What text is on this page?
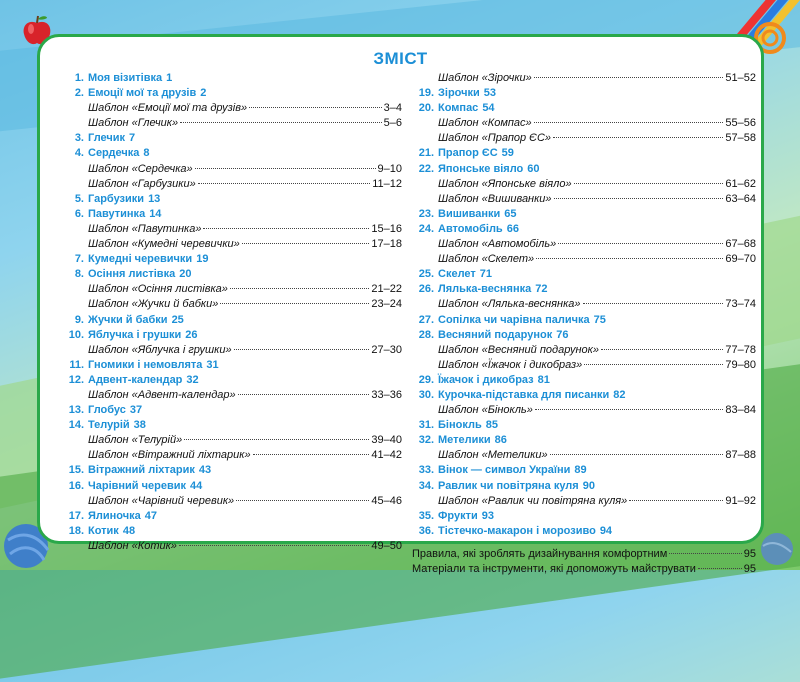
ЗМІСТ
1. Моя візитівка 1
2. Емоції мої та друзів 2
Шаблон «Емоції мої та друзів»	3–4
Шаблон «Глечик»	5–6
3. Глечик 7
4. Сердечка 8
Шаблон «Сердечка»	9–10
Шаблон «Гарбузики»	11–12
5. Гарбузики 13
6. Павутинка 14
Шаблон «Павутинка»	15–16
Шаблон «Кумедні черевички»	17–18
7. Кумедні черевички 19
8. Осіння листівка 20
Шаблон «Осіння листівка»	21–22
Шаблон «Жучки й бабки»	23–24
9. Жучки й бабки 25
10. Яблучка і грушки 26
Шаблон «Яблучка і грушки»	27–30
11. Гномики і немовлята 31
12. Адвент-календар 32
Шаблон «Адвент-календар»	33–36
13. Глобус 37
14. Телурій 38
Шаблон «Телурій»	39–40
Шаблон «Вітражний ліхтарик»	41–42
15. Вітражний ліхтарик 43
16. Чарівний черевик 44
Шаблон «Чарівний черевик»	45–46
17. Ялиночка 47
18. Котик 48
Шаблон «Котик»	49–50
Шаблон «Зірочки»	51–52
19. Зірочки 53
20. Компас 54
Шаблон «Компас»	55–56
Шаблон «Прапор ЄС»	57–58
21. Прапор ЄС 59
22. Японське віяло 60
Шаблон «Японське віяло»	61–62
Шаблон «Вишиванки»	63–64
23. Вишиванки 65
24. Автомобіль 66
Шаблон «Автомобіль»	67–68
Шаблон «Скелет»	69–70
25. Скелет 71
26. Лялька-веснянка 72
Шаблон «Лялька-веснянка»	73–74
27. Сопілка чи чарівна паличка 75
28. Весняний подарунок 76
Шаблон «Весняний подарунок»	77–78
Шаблон «Їжачок і дикобраз»	79–80
29. Їжачок і дикобраз 81
30. Курочка-підставка для писанки 82
Шаблон «Бінокль»	83–84
31. Бінокль 85
32. Метелики 86
Шаблон «Метелики»	87–88
33. Вінок — символ України 89
34. Равлик чи повітряна куля 90
Шаблон «Равлик чи повітряна куля»	91–92
35. Фрукти 93
36. Тістечко-макарон і морозиво 94
Правила, які зроблять дизайнування комфортним	95
Матеріали та інструменти, які допоможуть майструвати	95
